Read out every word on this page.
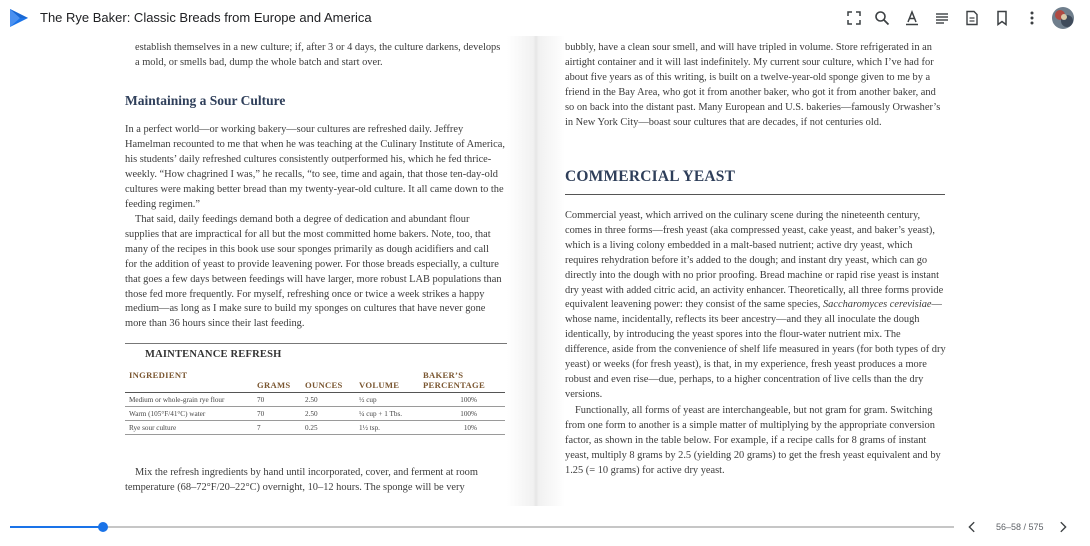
The Rye Baker: Classic Breads from Europe and America
establish themselves in a new culture; if, after 3 or 4 days, the culture darkens, develops a mold, or smells bad, dump the whole batch and start over.
Maintaining a Sour Culture
In a perfect world—or working bakery—sour cultures are refreshed daily. Jeffrey Hamelman recounted to me that when he was teaching at the Culinary Institute of America, his students’ daily refreshed cultures consistently outperformed his, which he fed thrice-weekly. “How chagrined I was,” he recalls, “to see, time and again, that those ten-day-old cultures were making better bread than my twenty-year-old culture. It all came down to the feeding regimen.”
That said, daily feedings demand both a degree of dedication and abundant flour supplies that are impractical for all but the most committed home bakers. Note, too, that many of the recipes in this book use sour sponges primarily as dough acidifiers and call for the addition of yeast to provide leavening power. For those breads especially, a culture that goes a few days between feedings will have larger, more robust LAB populations than those fed more frequently. For myself, refreshing once or twice a week strikes a happy medium—as long as I make sure to build my sponges on cultures that have never gone more than 36 hours since their last feeding.
MAINTENANCE REFRESH
INGREDIENT	GRAMS	OUNCES	VOLUME	BAKER’S PERCENTAGE
Medium or whole-grain rye flour	70	2.50	½ cup	100%
Warm (105°F/41°C) water	70	2.50	¼ cup + 1 Tbs.	100%
Rye sour culture	7	0.25	1½ tsp.	10%
Mix the refresh ingredients by hand until incorporated, cover, and ferment at room temperature (68–72°F/20–22°C) overnight, 10–12 hours. The sponge will be very
bubbly, have a clean sour smell, and will have tripled in volume. Store refrigerated in an airtight container and it will last indefinitely. My current sour culture, which I’ve had for about five years as of this writing, is built on a twelve-year-old sponge given to me by a friend in the Bay Area, who got it from another baker, who got it from another baker, and so on back into the distant past. Many European and U.S. bakeries—famously Orwasher’s in New York City—boast sour cultures that are decades, if not centuries old.
COMMERCIAL YEAST
Commercial yeast, which arrived on the culinary scene during the nineteenth century, comes in three forms—fresh yeast (aka compressed yeast, cake yeast, and baker’s yeast), which is a living colony embedded in a malt-based nutrient; active dry yeast, which requires rehydration before it’s added to the dough; and instant dry yeast, which can go directly into the dough with no prior proofing. Bread machine or rapid rise yeast is instant dry yeast with added citric acid, an activity enhancer. Theoretically, all three forms provide equivalent leavening power: they consist of the same species, Saccharomyces cerevisiae—whose name, incidentally, reflects its beer ancestry—and they all inoculate the dough identically, by introducing the yeast spores into the flour-water nutrient mix. The difference, aside from the convenience of shelf life measured in years (for both types of dry yeast) or weeks (for fresh yeast), is that, in my experience, fresh yeast produces a more robust and even rise—due, perhaps, to a higher concentration of live cells than the dry versions.
Functionally, all forms of yeast are interchangeable, but not gram for gram. Switching from one form to another is a simple matter of multiplying by the appropriate conversion factor, as shown in the table below. For example, if a recipe calls for 8 grams of instant yeast, multiply 8 grams by 2.5 (yielding 20 grams) to get the fresh yeast equivalent and by 1.25 (= 10 grams) for active dry yeast.
56–58 / 575
